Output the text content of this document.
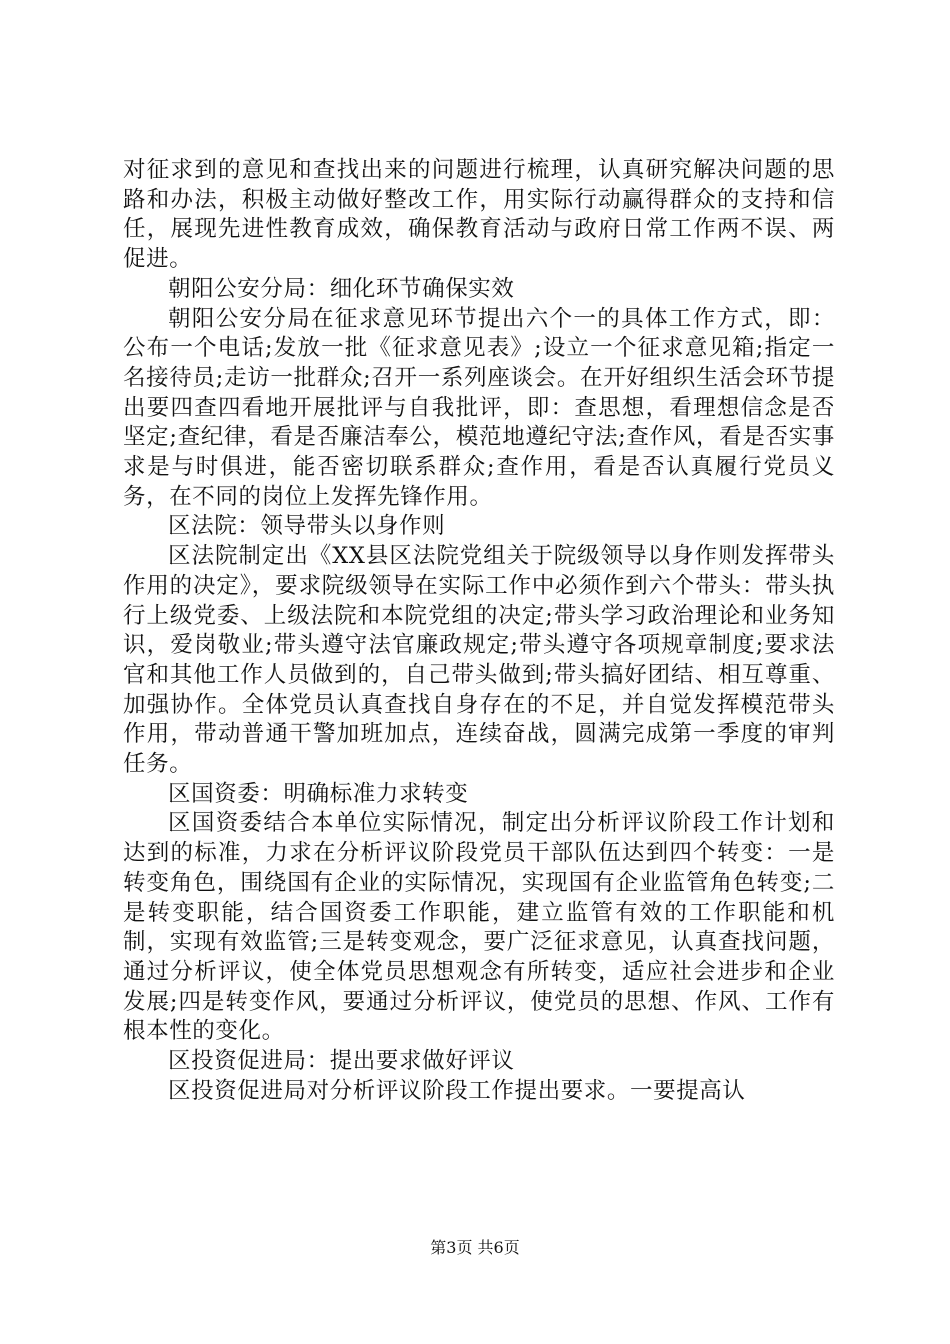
对征求到的意见和查找出来的问题进行梳理，认真研究解决问题的思路和办法，积极主动做好整改工作，用实际行动赢得群众的支持和信任，展现先进性教育成效，确保教育活动与政府日常工作两不误、两促进。

朝阳公安分局：细化环节确保实效

朝阳公安分局在征求意见环节提出六个一的具体工作方式，即：公布一个电话;发放一批《征求意见表》;设立一个征求意见箱;指定一名接待员;走访一批群众;召开一系列座谈会。在开好组织生活会环节提出要四查四看地开展批评与自我批评，即：查思想，看理想信念是否坚定;查纪律，看是否廉洁奉公，模范地遵纪守法;查作风，看是否实事求是与时俱进，能否密切联系群众;查作用，看是否认真履行党员义务，在不同的岗位上发挥先锋作用。

区法院：领导带头以身作则

区法院制定出《XX县区法院党组关于院级领导以身作则发挥带头作用的决定》，要求院级领导在实际工作中必须作到六个带头：带头执行上级党委、上级法院和本院党组的决定;带头学习政治理论和业务知识，爱岗敬业;带头遵守法官廉政规定;带头遵守各项规章制度;要求法官和其他工作人员做到的，自己带头做到;带头搞好团结、相互尊重、加强协作。全体党员认真查找自身存在的不足，并自觉发挥模范带头作用，带动普通干警加班加点，连续奋战，圆满完成第一季度的审判任务。

区国资委：明确标准力求转变

区国资委结合本单位实际情况，制定出分析评议阶段工作计划和达到的标准，力求在分析评议阶段党员干部队伍达到四个转变：一是转变角色，围绕国有企业的实际情况，实现国有企业监管角色转变;二是转变职能，结合国资委工作职能，建立监管有效的工作职能和机制，实现有效监管;三是转变观念，要广泛征求意见，认真查找问题，通过分析评议，使全体党员思想观念有所转变，适应社会进步和企业发展;四是转变作风，要通过分析评议，使党员的思想、作风、工作有根本性的变化。

区投资促进局：提出要求做好评议

区投资促进局对分析评议阶段工作提出要求。一要提高认

第3页 共6页
